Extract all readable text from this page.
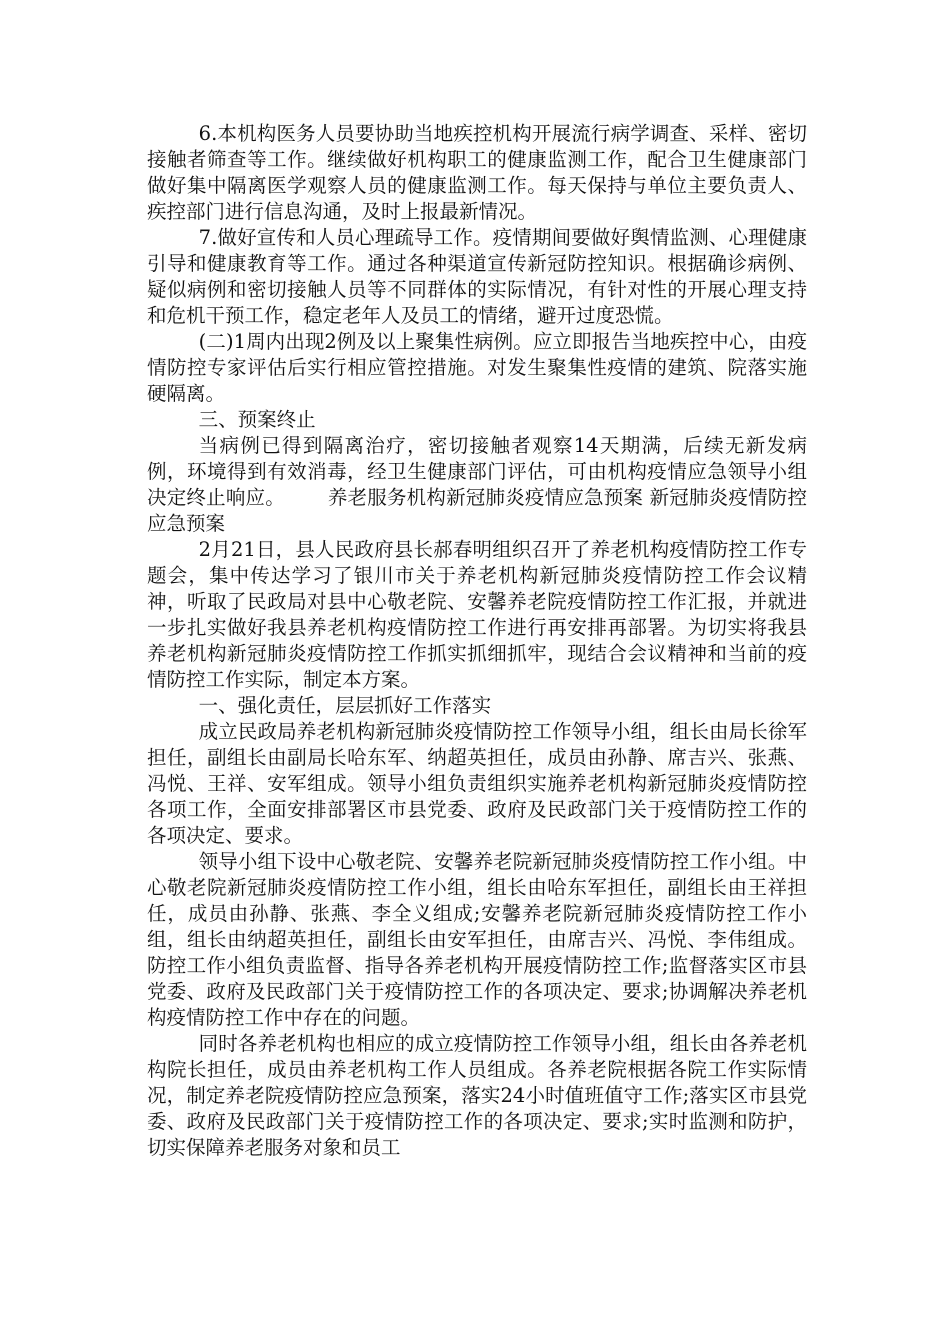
6.本机构医务人员要协助当地疾控机构开展流行病学调查、采样、密切接触者筛查等工作。继续做好机构职工的健康监测工作，配合卫生健康部门做好集中隔离医学观察人员的健康监测工作。每天保持与单位主要负责人、疾控部门进行信息沟通，及时上报最新情况。

7.做好宣传和人员心理疏导工作。疫情期间要做好舆情监测、心理健康引导和健康教育等工作。通过各种渠道宣传新冠防控知识。根据确诊病例、疑似病例和密切接触人员等不同群体的实际情况，有针对性的开展心理支持和危机干预工作，稳定老年人及员工的情绪，避开过度恐慌。

(二)1周内出现2例及以上聚集性病例。应立即报告当地疾控中心，由疫情防控专家评估后实行相应管控措施。对发生聚集性疫情的建筑、院落实施硬隔离。

三、预案终止

当病例已得到隔离治疗，密切接触者观察14天期满，后续无新发病例，环境得到有效消毒，经卫生健康部门评估，可由机构疫情应急领导小组决定终止响应。 养老服务机构新冠肺炎疫情应急预案 新冠肺炎疫情防控应急预案

2月21日，县人民政府县长郝春明组织召开了养老机构疫情防控工作专题会，集中传达学习了银川市关于养老机构新冠肺炎疫情防控工作会议精神，听取了民政局对县中心敬老院、安馨养老院疫情防控工作汇报，并就进一步扎实做好我县养老机构疫情防控工作进行再安排再部署。为切实将我县养老机构新冠肺炎疫情防控工作抓实抓细抓牢，现结合会议精神和当前的疫情防控工作实际，制定本方案。

一、强化责任，层层抓好工作落实

成立民政局养老机构新冠肺炎疫情防控工作领导小组，组长由局长徐军担任，副组长由副局长哈东军、纳超英担任，成员由孙静、席吉兴、张燕、冯悦、王祥、安军组成。领导小组负责组织实施养老机构新冠肺炎疫情防控各项工作，全面安排部署区市县党委、政府及民政部门关于疫情防控工作的各项决定、要求。

领导小组下设中心敬老院、安馨养老院新冠肺炎疫情防控工作小组。中心敬老院新冠肺炎疫情防控工作小组，组长由哈东军担任，副组长由王祥担任，成员由孙静、张燕、李全义组成;安馨养老院新冠肺炎疫情防控工作小组，组长由纳超英担任，副组长由安军担任，由席吉兴、冯悦、李伟组成。防控工作小组负责监督、指导各养老机构开展疫情防控工作;监督落实区市县党委、政府及民政部门关于疫情防控工作的各项决定、要求;协调解决养老机构疫情防控工作中存在的问题。

同时各养老机构也相应的成立疫情防控工作领导小组，组长由各养老机构院长担任，成员由养老机构工作人员组成。各养老院根据各院工作实际情况，制定养老院疫情防控应急预案，落实24小时值班值守工作;落实区市县党委、政府及民政部门关于疫情防控工作的各项决定、要求;实时监测和防护，切实保障养老服务对象和员工
